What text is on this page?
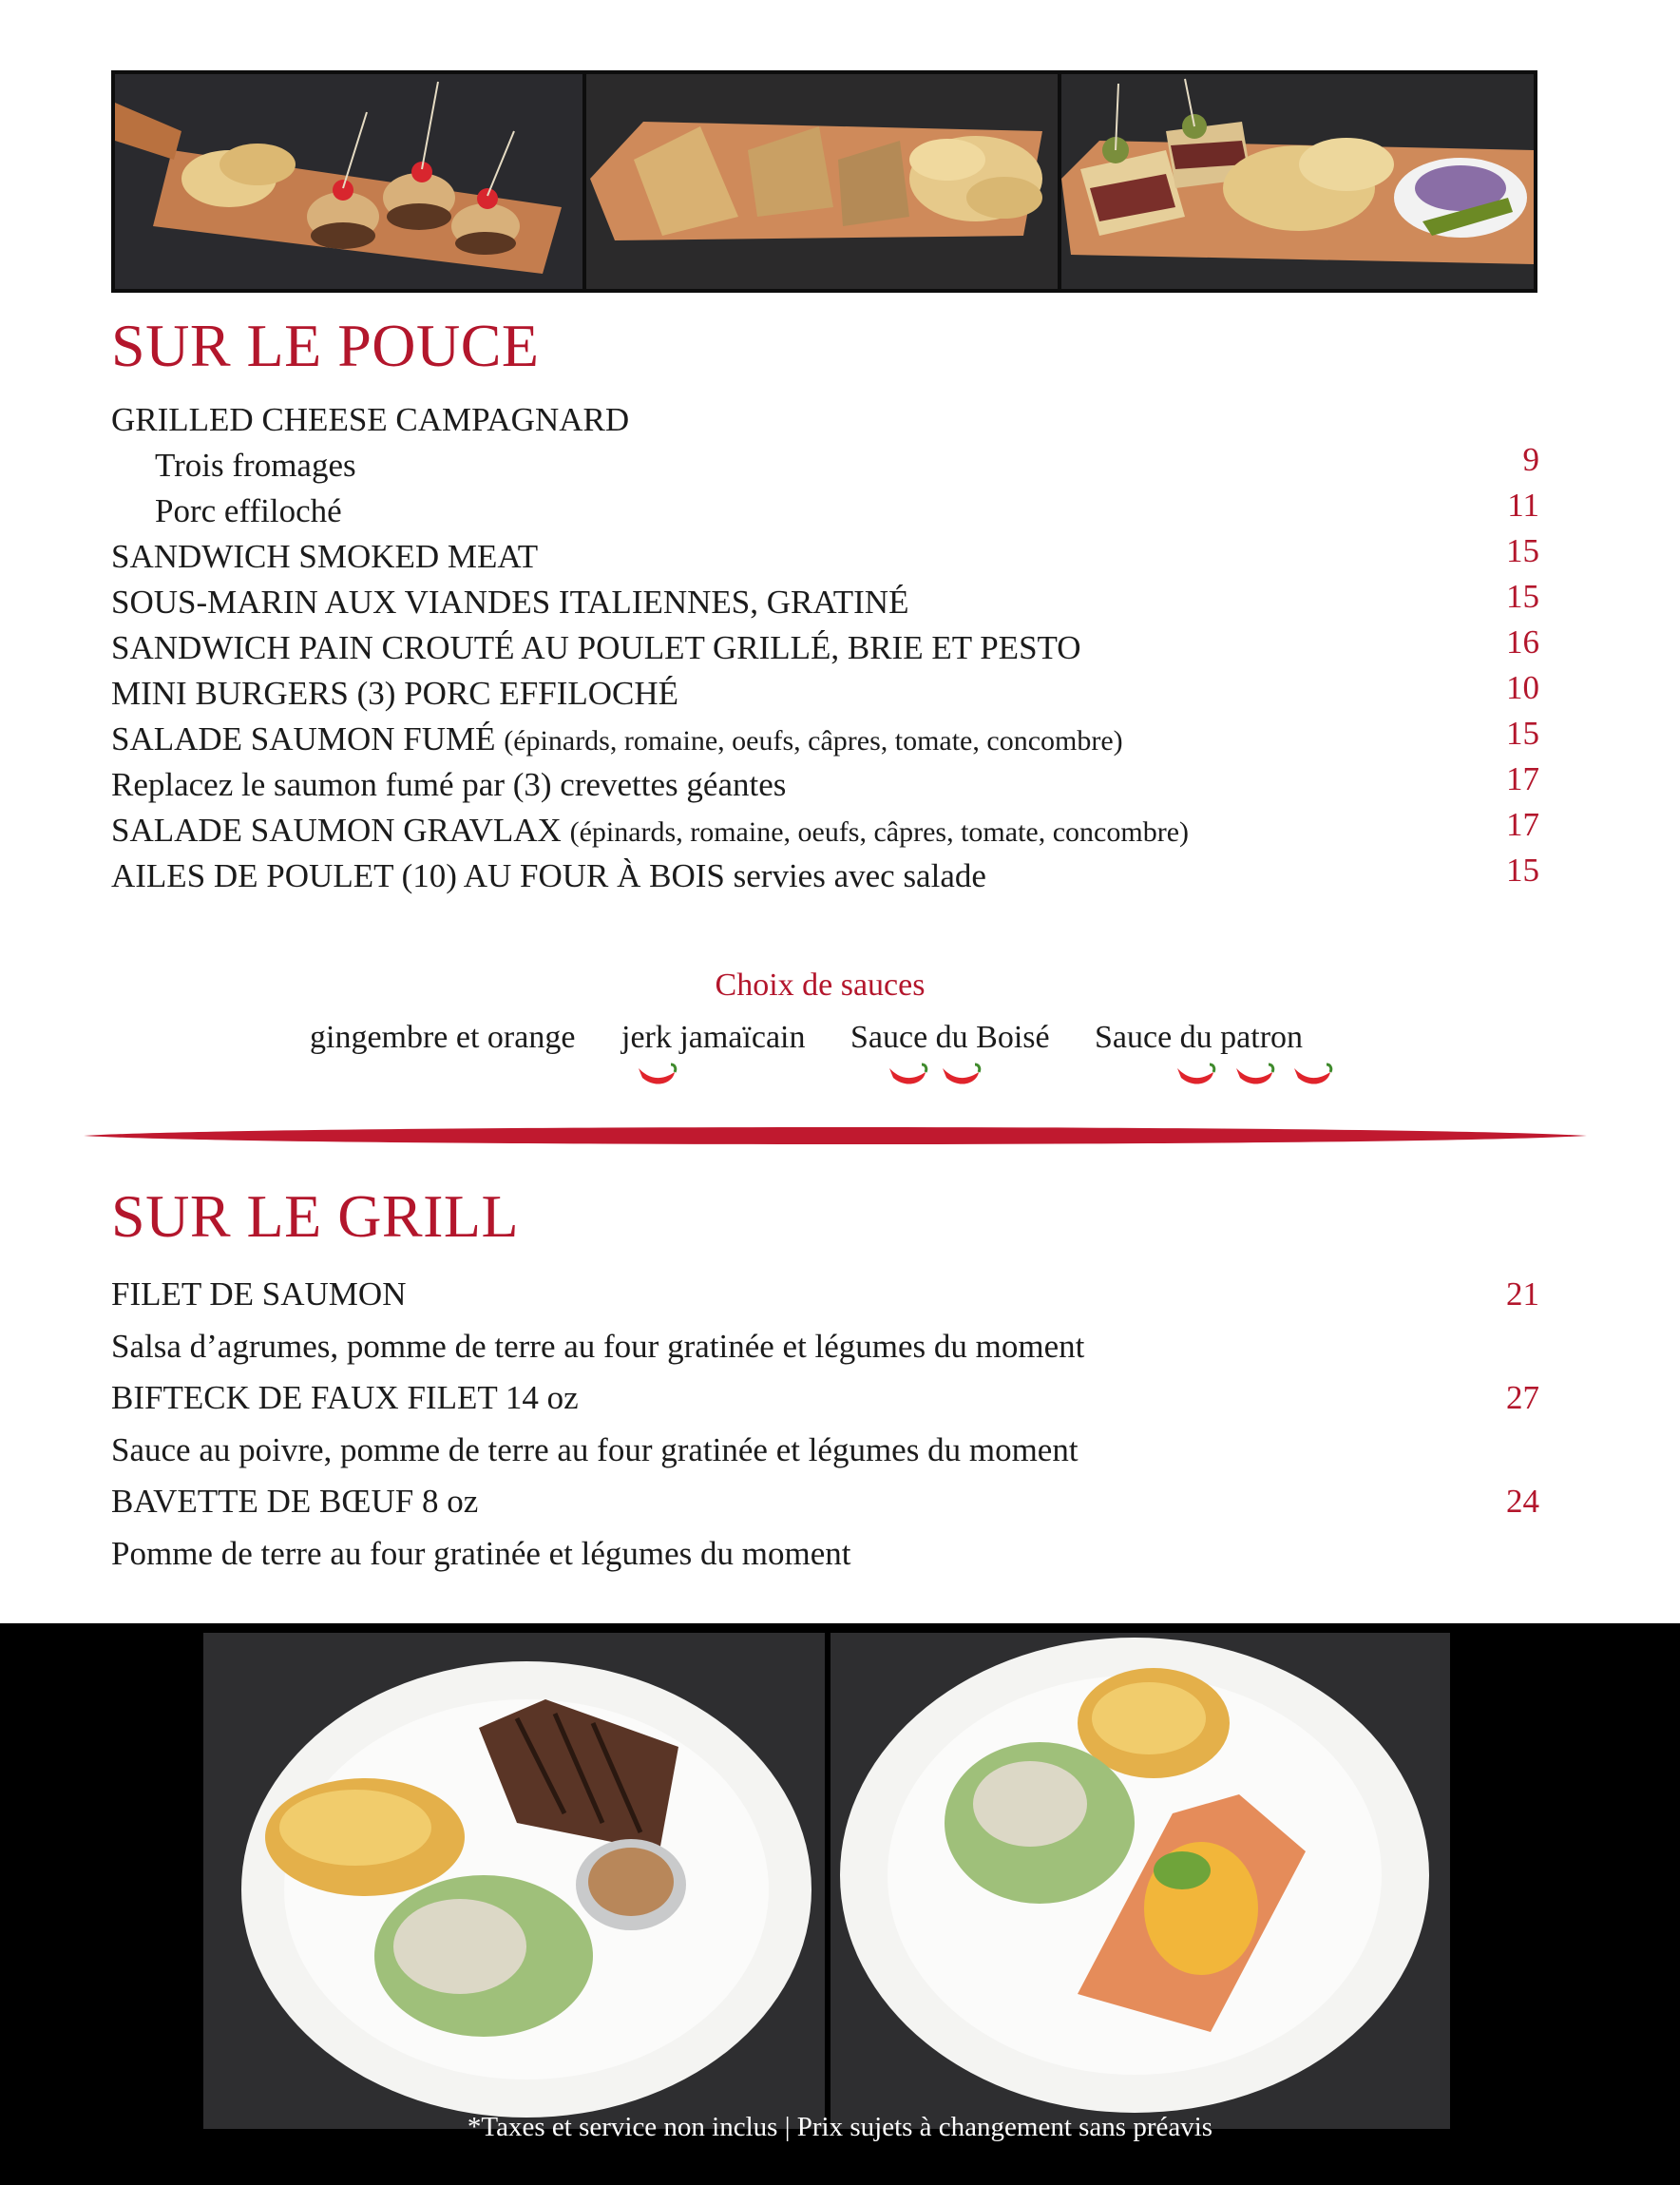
SUR LE POUCE
GRILLED CHEESE CAMPAGNARD
Trois fromages	9
Porc effiloché	11
SANDWICH SMOKED MEAT	15
SOUS-MARIN AUX VIANDES ITALIENNES, GRATINÉ	15
SANDWICH PAIN CROUTÉ AU POULET GRILLÉ, BRIE ET PESTO	16
MINI BURGERS (3) PORC EFFILOCHÉ	10
SALADE SAUMON FUMÉ (épinards, romaine, oeufs, câpres, tomate, concombre)	15
Replacez le saumon fumé par (3) crevettes géantes	17
SALADE SAUMON GRAVLAX (épinards, romaine, oeufs, câpres, tomate, concombre)	17
AILES DE POULET (10) AU FOUR À BOIS servies avec salade	15
Choix de sauces
gingembre et orange jerk jamaïcain Sauce du Boisé Sauce du patron
SUR LE GRILL
FILET DE SAUMON	21
Salsa d’agrumes, pomme de terre au four gratinée et légumes du moment
BIFTECK DE FAUX FILET 14 oz	27
Sauce au poivre, pomme de terre au four gratinée et légumes du moment
BAVETTE DE BŒUF 8 oz	24
Pomme de terre au four gratinée et légumes du moment
*Taxes et service non inclus | Prix sujets à changement sans préavis
